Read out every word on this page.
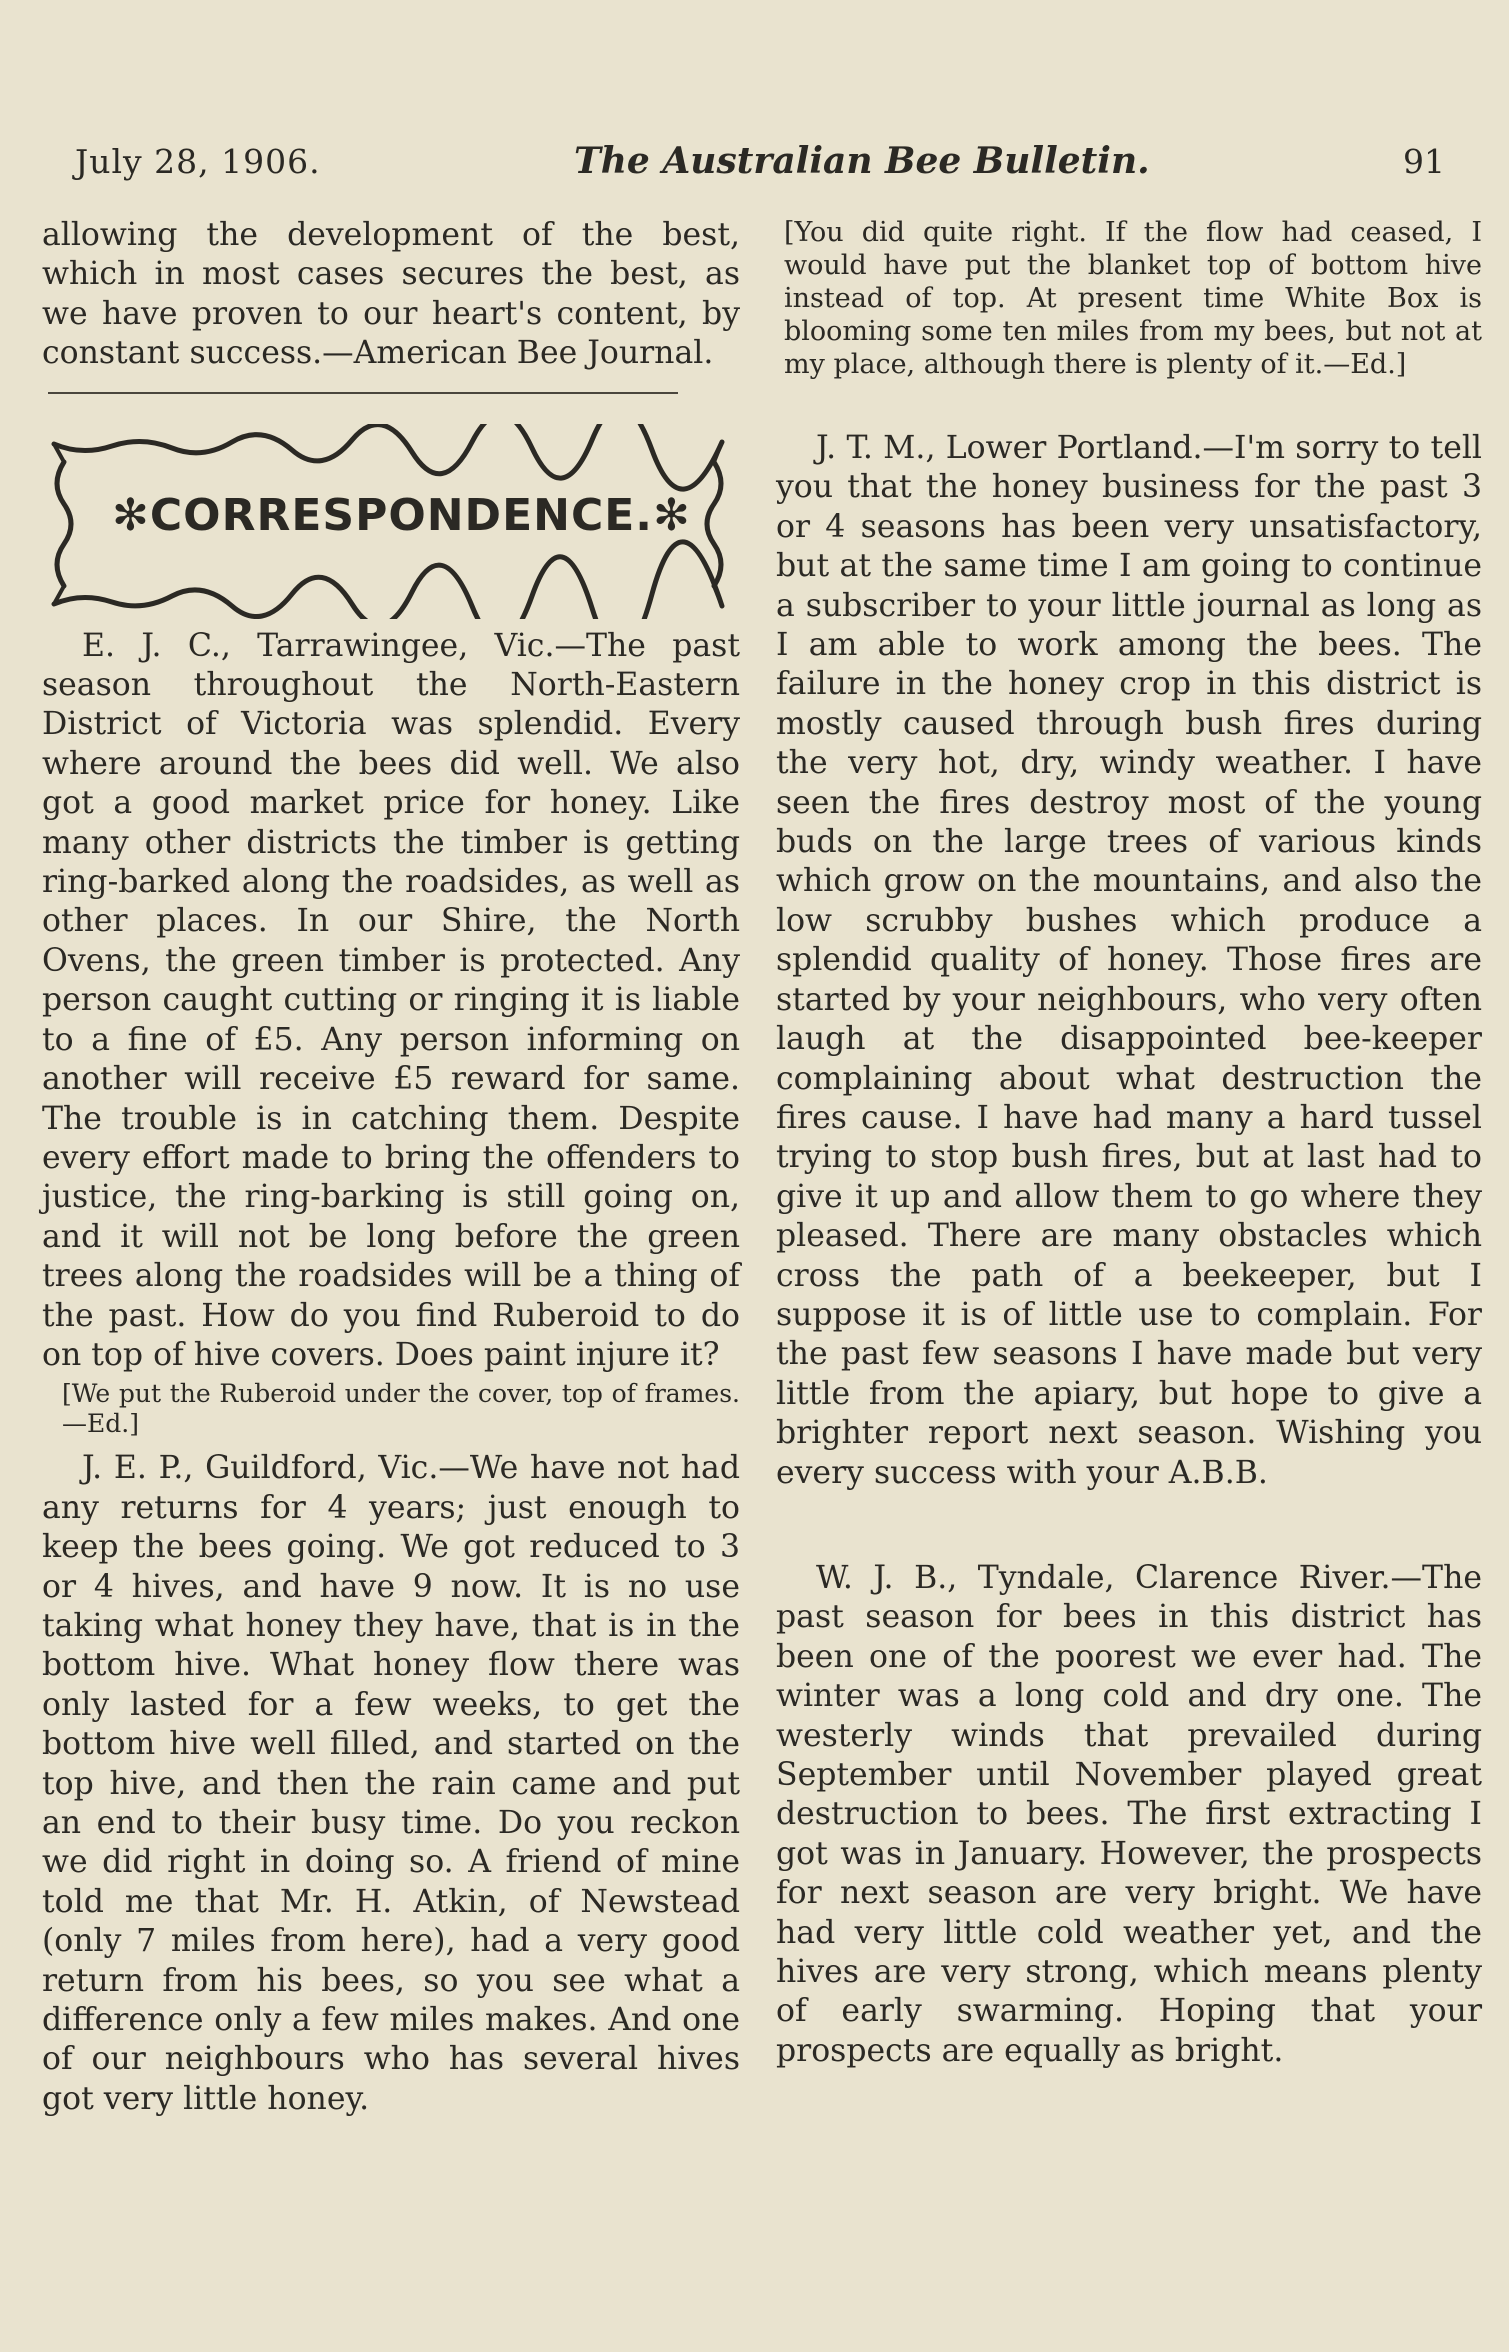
July 28, 1906.	The Australian Bee Bulletin.	91

allowing the development of the best, which in most cases secures the best, as we have proven to our heart's content, by constant success.—American Bee Journal.

✻CORRESPONDENCE.✻

E. J. C., Tarrawingee, Vic.—The past season throughout the North-Eastern District of Victoria was splendid. Every where around the bees did well. We also got a good market price for honey. Like many other districts the timber is getting ring-barked along the roadsides, as well as other places. In our Shire, the North Ovens, the green timber is protected. Any person caught cutting or ringing it is liable to a fine of £5. Any person informing on another will receive £5 reward for same. The trouble is in catching them. Despite every effort made to bring the offenders to justice, the ring-barking is still going on, and it will not be long before the green trees along the roadsides will be a thing of the past. How do you find Ruberoid to do on top of hive covers. Does paint injure it?

[We put the Ruberoid under the cover, top of frames.—Ed.]

J. E. P., Guildford, Vic.—We have not had any returns for 4 years; just enough to keep the bees going. We got reduced to 3 or 4 hives, and have 9 now. It is no use taking what honey they have, that is in the bottom hive. What honey flow there was only lasted for a few weeks, to get the bottom hive well filled, and started on the top hive, and then the rain came and put an end to their busy time. Do you reckon we did right in doing so. A friend of mine told me that Mr. H. Atkin, of Newstead (only 7 miles from here), had a very good return from his bees, so you see what a difference only a few miles makes. And one of our neighbours who has several hives got very little honey.

[You did quite right. If the flow had ceased, I would have put the blanket top of bottom hive instead of top. At present time White Box is blooming some ten miles from my bees, but not at my place, although there is plenty of it.—Ed.]

J. T. M., Lower Portland.—I'm sorry to tell you that the honey business for the past 3 or 4 seasons has been very unsatisfactory, but at the same time I am going to continue a subscriber to your little journal as long as I am able to work among the bees. The failure in the honey crop in this district is mostly caused through bush fires during the very hot, dry, windy weather. I have seen the fires destroy most of the young buds on the large trees of various kinds which grow on the mountains, and also the low scrubby bushes which produce a splendid quality of honey. Those fires are started by your neighbours, who very often laugh at the disappointed bee-keeper complaining about what destruction the fires cause. I have had many a hard tussel trying to stop bush fires, but at last had to give it up and allow them to go where they pleased. There are many obstacles which cross the path of a beekeeper, but I suppose it is of little use to complain. For the past few seasons I have made but very little from the apiary, but hope to give a brighter report next season. Wishing you every success with your A.B.B.

W. J. B., Tyndale, Clarence River.—The past season for bees in this district has been one of the poorest we ever had. The winter was a long cold and dry one. The westerly winds that prevailed during September until November played great destruction to bees. The first extracting I got was in January. However, the prospects for next season are very bright. We have had very little cold weather yet, and the hives are very strong, which means plenty of early swarming. Hoping that your prospects are equally as bright.
